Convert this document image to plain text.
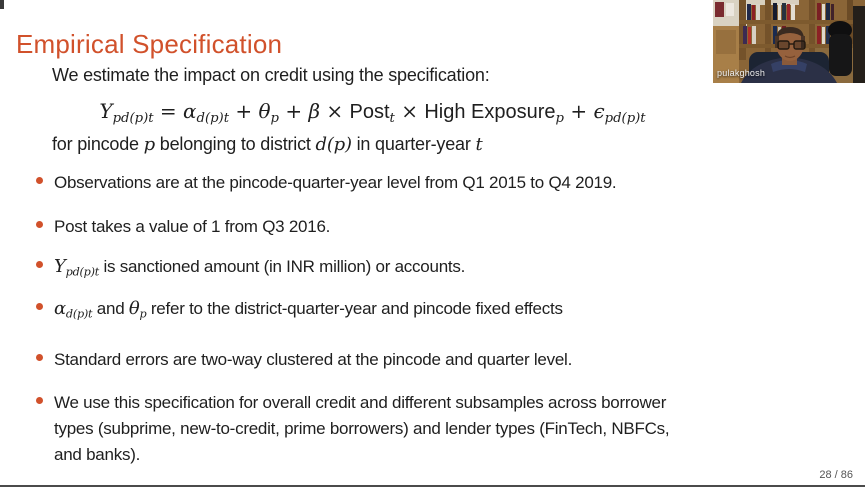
Empirical Specification
We estimate the impact on credit using the specification:
Ypd(p)t = αd(p)t + θp + β × Postt × High Exposurep + ϵpd(p)t
for pincode p belonging to district d(p) in quarter-year t
Observations are at the pincode-quarter-year level from Q1 2015 to Q4 2019.
Post takes a value of 1 from Q3 2016.
Ypd(p)t is sanctioned amount (in INR million) or accounts.
αd(p)t and θp refer to the district-quarter-year and pincode fixed effects
Standard errors are two-way clustered at the pincode and quarter level.
We use this specification for overall credit and different subsamples across borrower
types (subprime, new-to-credit, prime borrowers) and lender types (FinTech, NBFCs,
and banks).
28 / 86
pulakghosh
